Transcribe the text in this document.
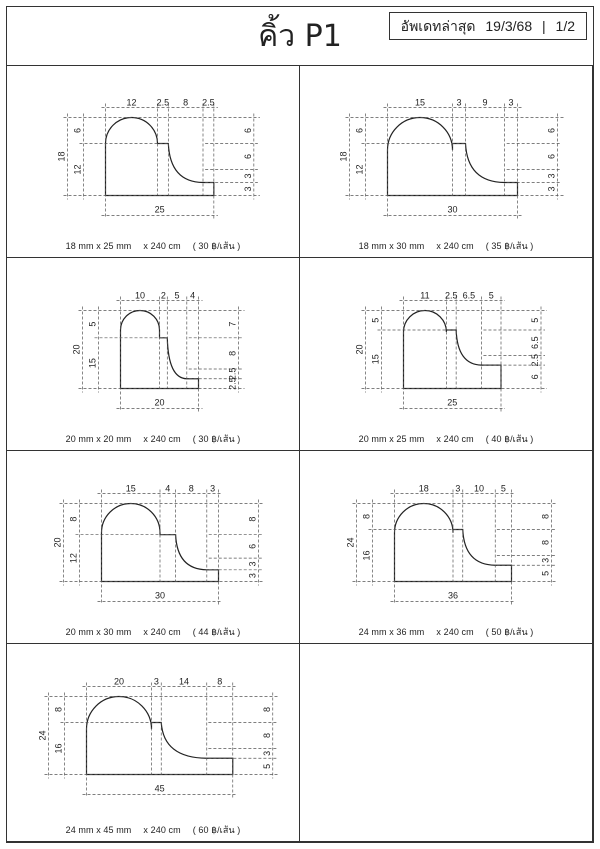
คิ้ว P1	อัพเดทล่าสุด 19/3/68 | 1/2
12 2.5 8 2.5
25
18
6
12
6
6
3
3
18 mm x 25 mm x 240 cm ( 30 ฿/เส้น )
15	3 9 3
30
18
6
12
6
6
3
3
18 mm x 30 mm x 240 cm ( 35 ฿/เส้น )
10 2 5 4
20
20
5
15
7
8
2.5
2.5
20 mm x 20 mm x 240 cm ( 30 ฿/เส้น )
11 2.5 6.5 5
25
20
5
15
5
6.5
2.5
6
20 mm x 25 mm x 240 cm ( 40 ฿/เส้น )
15	4 8 3
30
20
8
12
8
6
3
3
20 mm x 30 mm x 240 cm ( 44 ฿/เส้น )
18	3 10 5
36
24
8
16
8
8
3
5
24 mm x 36 mm x 240 cm ( 50 ฿/เส้น )
20	3 14	8
45
24
8
16
8
8
3
5
24 mm x 45 mm x 240 cm ( 60 ฿/เส้น )
